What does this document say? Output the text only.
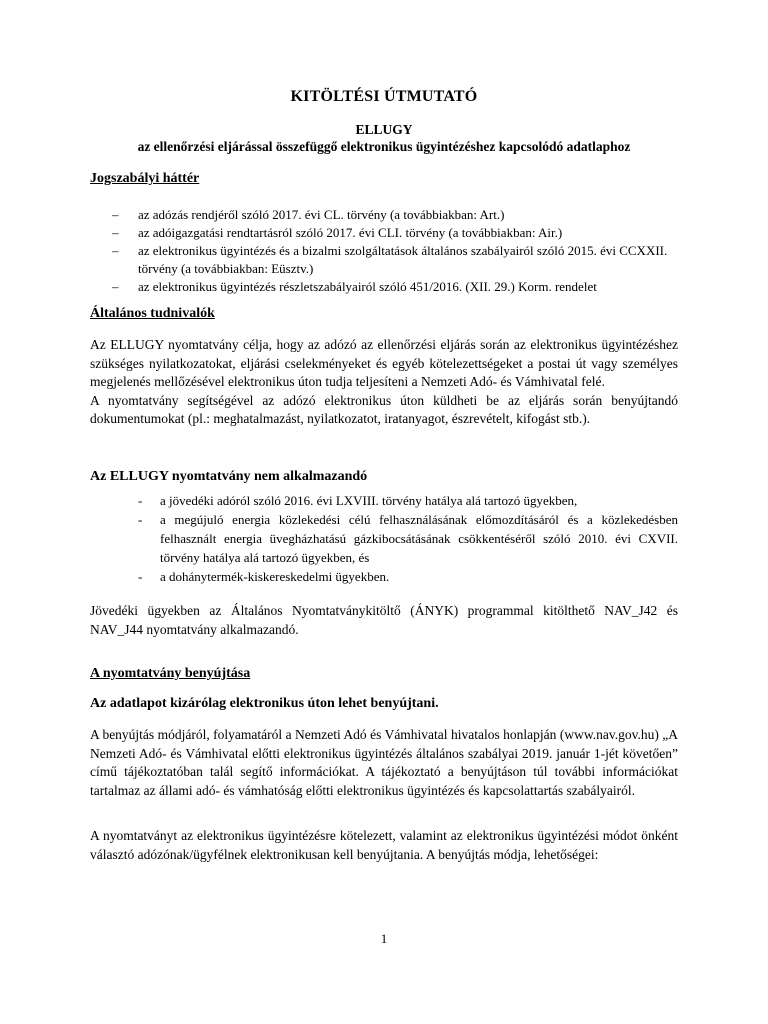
KITÖLTÉSI ÚTMUTATÓ
ELLUGY
az ellenőrzési eljárással összefüggő elektronikus ügyintézéshez kapcsolódó adatlaphoz
Jogszabályi háttér
– az adózás rendjéről szóló 2017. évi CL. törvény (a továbbiakban: Art.)
– az adóigazgatási rendtartásról szóló 2017. évi CLI. törvény (a továbbiakban: Air.)
– az elektronikus ügyintézés és a bizalmi szolgáltatások általános szabályairól szóló 2015. évi CCXXII. törvény (a továbbiakban: Eüsztv.)
– az elektronikus ügyintézés részletszabályairól szóló 451/2016. (XII. 29.) Korm. rendelet
Általános tudnivalók

Az ELLUGY nyomtatvány célja, hogy az adózó az ellenőrzési eljárás során az elektronikus ügyintézéshez szükséges nyilatkozatokat, eljárási cselekményeket és egyéb kötelezettségeket a postai út vagy személyes megjelenés mellőzésével elektronikus úton tudja teljesíteni a Nemzeti Adó- és Vámhivatal felé.

A nyomtatvány segítségével az adózó elektronikus úton küldheti be az eljárás során benyújtandó dokumentumokat (pl.: meghatalmazást, nyilatkozatot, iratanyagot, észrevételt, kifogást stb.).

Az ELLUGY nyomtatvány nem alkalmazandó
- a jövedéki adóról szóló 2016. évi LXVIII. törvény hatálya alá tartozó ügyekben,
- a megújuló energia közlekedési célú felhasználásának előmozdításáról és a közlekedésben felhasznált energia üvegházhatású gázkibocsátásának csökkentéséről szóló 2010. évi CXVII. törvény hatálya alá tartozó ügyekben, és
- a dohánytermék-kiskereskedelmi ügyekben.

Jövedéki ügyekben az Általános Nyomtatványkitöltő (ÁNYK) programmal kitölthető NAV_J42 és NAV_J44 nyomtatvány alkalmazandó.

A nyomtatvány benyújtása
Az adatlapot kizárólag elektronikus úton lehet benyújtani.

A benyújtás módjáról, folyamatáról a Nemzeti Adó és Vámhivatal hivatalos honlapján (www.nav.gov.hu) „A Nemzeti Adó- és Vámhivatal előtti elektronikus ügyintézés általános szabályai 2019. január 1-jét követően” című tájékoztatóban talál segítő információkat. A tájékoztató a benyújtáson túl további információkat tartalmaz az állami adó- és vámhatóság előtti elektronikus ügyintézés és kapcsolattartás szabályairól.

A nyomtatványt az elektronikus ügyintézésre kötelezett, valamint az elektronikus ügyintézési módot önként választó adózónak/ügyfélnek elektronikusan kell benyújtania. A benyújtás módja, lehetőségei:

1
